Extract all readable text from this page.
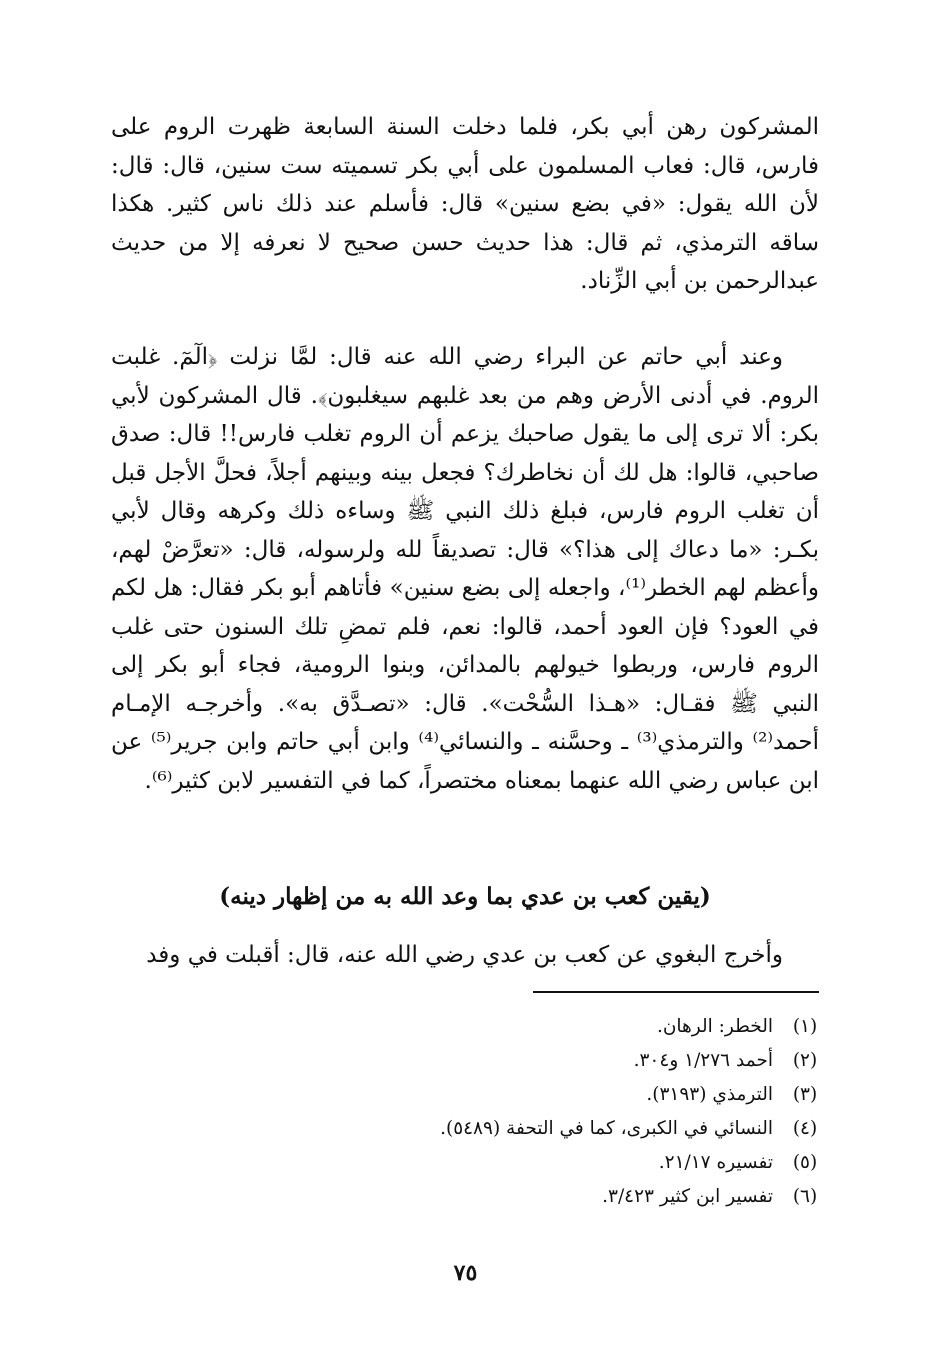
المشركون رهن أبي بكر، فلما دخلت السنة السابعة ظهرت الروم على فارس، قال: فعاب المسلمون على أبي بكر تسميته ست سنين، قال: قال: لأن الله يقول: «في بضع سنين» قال: فأسلم عند ذلك ناس كثير. هكذا ساقه الترمذي، ثم قال: هذا حديث حسن صحيح لا نعرفه إلا من حديث عبدالرحمن بن أبي الزِّناد.

وعند أبي حاتم عن البراء رضي الله عنه قال: لمَّا نزلت ﴿الٓمٓ. غلبت الروم. في أدنى الأرض وهم من بعد غلبهم سيغلبون﴾. قال المشركون لأبي بكر: ألا ترى إلى ما يقول صاحبك يزعم أن الروم تغلب فارس!! قال: صدق صاحبي، قالوا: هل لك أن نخاطرك؟ فجعل بينه وبينهم أجلاً، فحلَّ الأجل قبل أن تغلب الروم فارس، فبلغ ذلك النبي ﷺ وساءه ذلك وكرهه وقال لأبي بكـر: «ما دعاك إلى هذا؟» قال: تصديقاً لله ولرسوله، قال: «تعرَّضْ لهم، وأعظم لهم الخطر⁽¹⁾، واجعله إلى بضع سنين» فأتاهم أبو بكر فقال: هل لكم في العود؟ فإن العود أحمد، قالوا: نعم، فلم تمضِ تلك السنون حتى غلب الروم فارس، وربطوا خيولهم بالمدائن، وبنوا الرومية، فجاء أبو بكر إلى النبي ﷺ فقـال: «هـذا السُّحْت». قال: «تصـدَّق به». وأخرجـه الإمـام أحمد⁽²⁾ والترمذي⁽³⁾ ـ وحسَّنه ـ والنسائي⁽⁴⁾ وابن أبي حاتم وابن جرير⁽⁵⁾ عن ابن عباس رضي الله عنهما بمعناه مختصراً، كما في التفسير لابن كثير⁽⁶⁾.

(يقين كعب بن عدي بما وعد الله به من إظهار دينه)

وأخرج البغوي عن كعب بن عدي رضي الله عنه، قال: أقبلت في وفد

(١)
الخطر: الرهان.
(٢)
أحمد ١/٢٧٦ و٣٠٤.
(٣)
الترمذي (٣١٩٣).
(٤)
النسائي في الكبرى، كما في التحفة (٥٤٨٩).
(٥)
تفسيره ٢١/١٧.
(٦)
تفسير ابن كثير ٣/٤٢٣.
٧٥
